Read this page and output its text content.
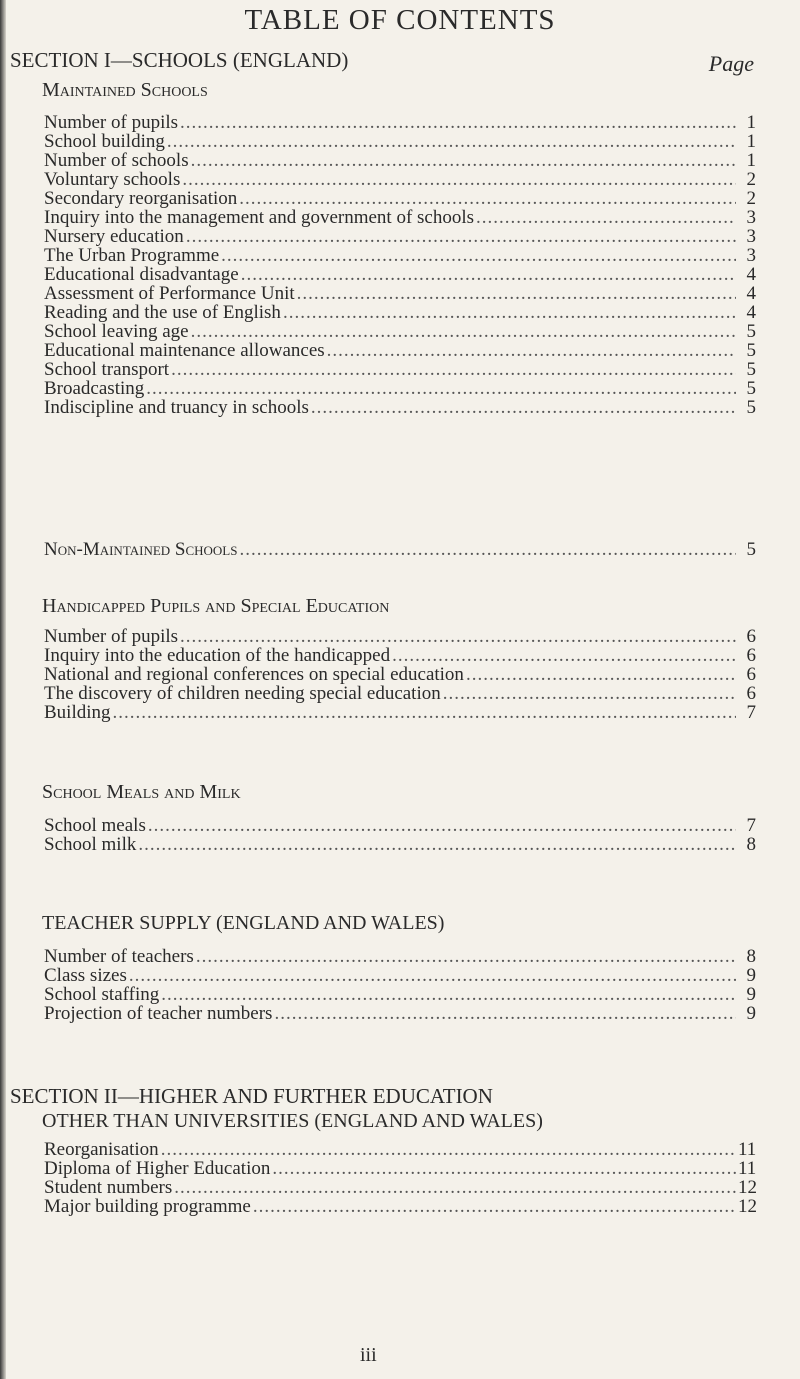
TABLE OF CONTENTS
Page
SECTION I—SCHOOLS (ENGLAND)
Maintained Schools
Number of pupils .....	1
School building .....	1
Number of schools .....	1
Voluntary schools .....	2
Secondary reorganisation .....	2
Inquiry into the management and government of schools .....	3
Nursery education .....	3
The Urban Programme .....	3
Educational disadvantage .....	4
Assessment of Performance Unit .....	4
Reading and the use of English .....	4
School leaving age .....	5
Educational maintenance allowances .....	5
School transport .....	5
Broadcasting .....	5
Indiscipline and truancy in schools .....	5
Non-Maintained Schools .....	5
Handicapped Pupils and Special Education
Number of pupils .....	6
Inquiry into the education of the handicapped .....	6
National and regional conferences on special education .....	6
The discovery of children needing special education .....	6
Building .....	7
School Meals and Milk
School meals .....	7
School milk .....	8
TEACHER SUPPLY (ENGLAND AND WALES)
Number of teachers .....	8
Class sizes .....	9
School staffing .....	9
Projection of teacher numbers .....	9
SECTION II—HIGHER AND FURTHER EDUCATION
OTHER THAN UNIVERSITIES (ENGLAND AND WALES)
Reorganisation .....	11
Diploma of Higher Education .....	11
Student numbers .....	12
Major building programme .....	12
iii
